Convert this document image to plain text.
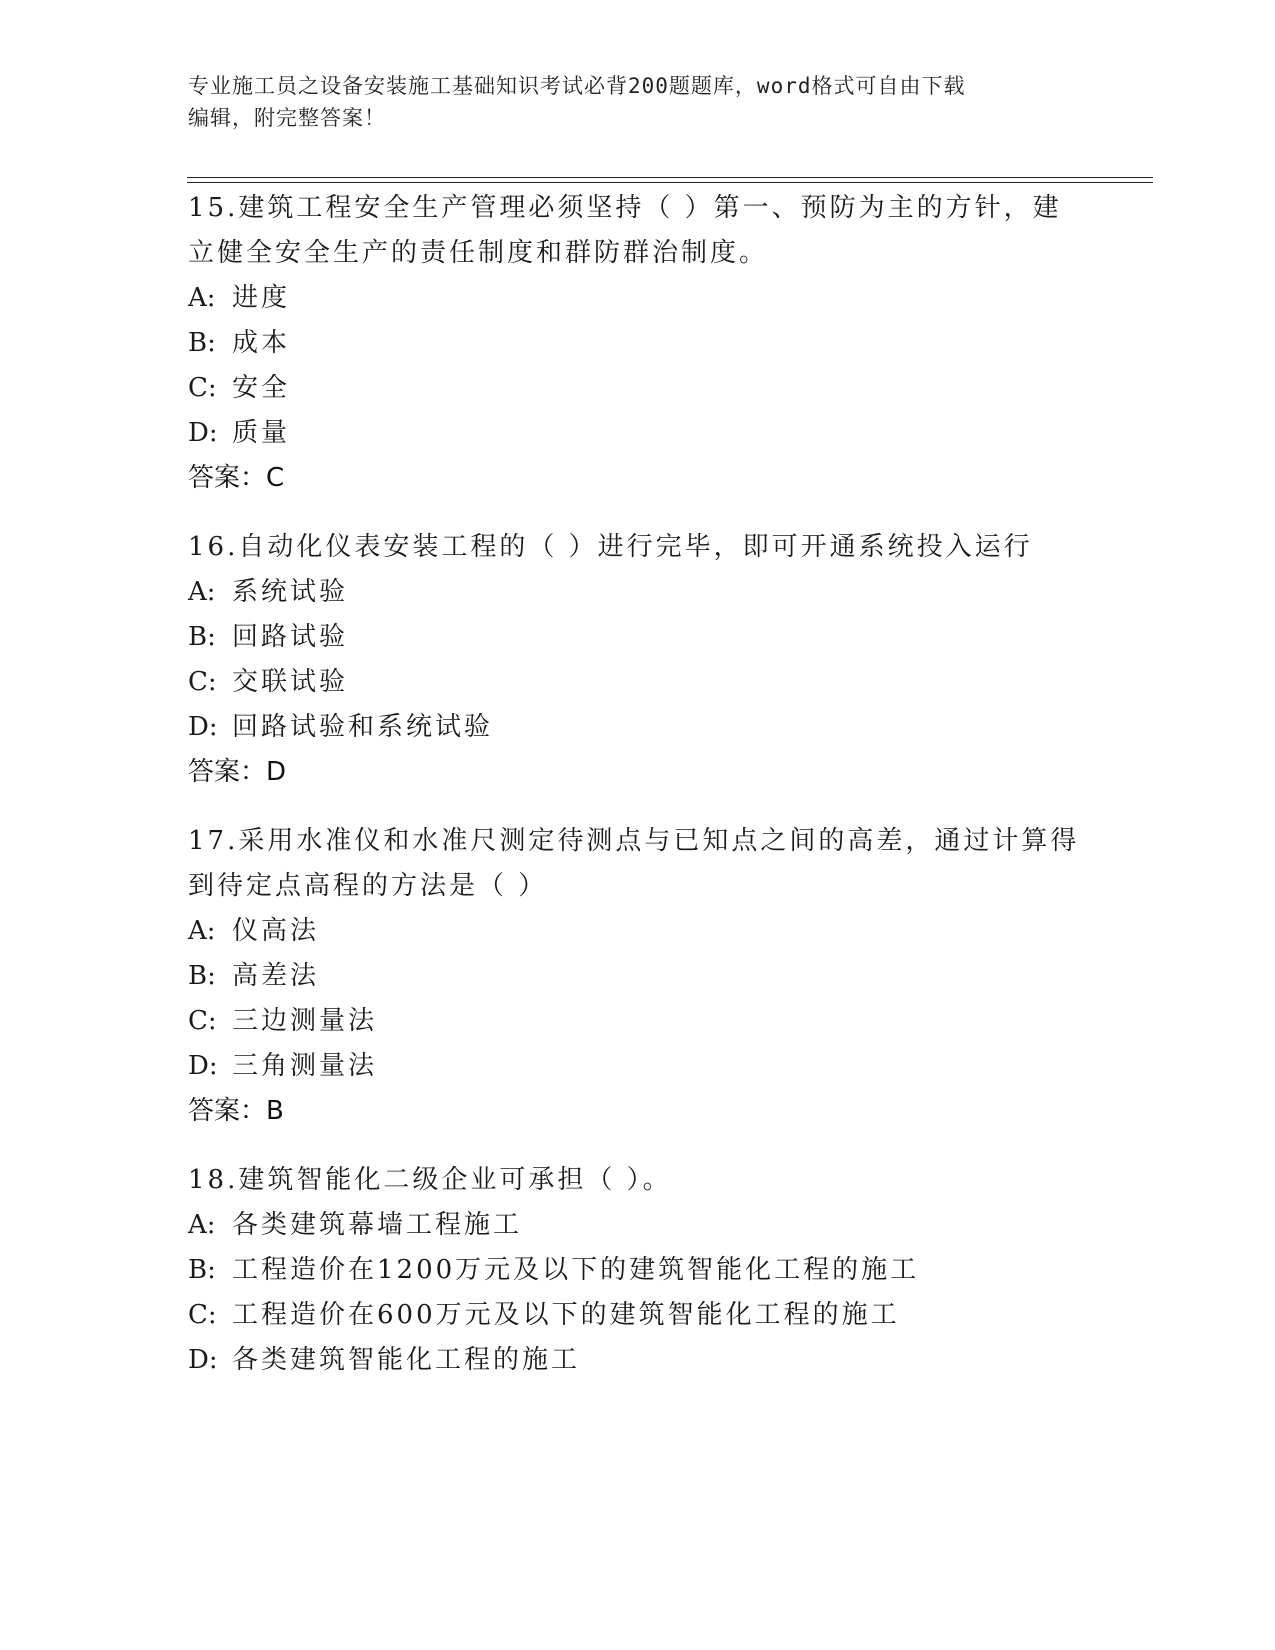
专业施工员之设备安装施工基础知识考试必背200题题库，word格式可自由下载
编辑，附完整答案！
15.建筑工程安全生产管理必须坚持（ ）第一、预防为主的方针，建
立健全安全生产的责任制度和群防群治制度。
A: 进度
B: 成本
C: 安全
D: 质量
答案：C
16.自动化仪表安装工程的（ ）进行完毕，即可开通系统投入运行
A: 系统试验
B: 回路试验
C: 交联试验
D: 回路试验和系统试验
答案：D
17.采用水准仪和水准尺测定待测点与已知点之间的高差，通过计算得
到待定点高程的方法是（ ）
A: 仪高法
B: 高差法
C: 三边测量法
D: 三角测量法
答案：B
18.建筑智能化二级企业可承担（ ）。
A: 各类建筑幕墙工程施工
B: 工程造价在1200万元及以下的建筑智能化工程的施工
C: 工程造价在600万元及以下的建筑智能化工程的施工
D: 各类建筑智能化工程的施工
